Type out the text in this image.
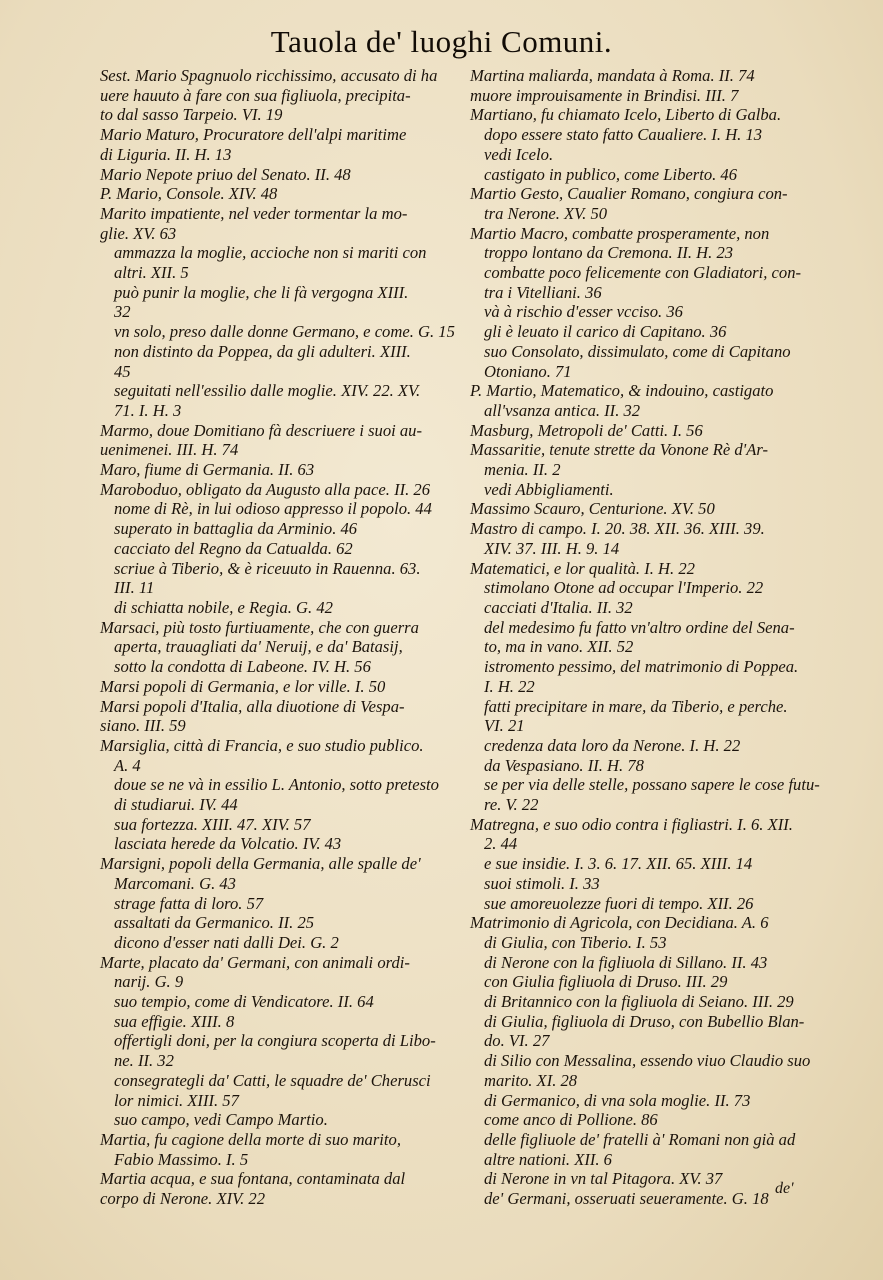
Tauola de' luoghi Comuni.
Sest. Mario Spagnuolo ricchissimo, accusato di ha
uere hauuto à fare con sua figliuola, precipita-
to dal sasso Tarpeio. VI. 19
Mario Maturo, Procuratore dell'alpi maritime
di Liguria. II. H. 13
Mario Nepote priuo del Senato. II. 48
P. Mario, Console. XIV. 48
Marito impatiente, nel veder tormentar la mo-
glie. XV. 63
ammazza la moglie, accioche non si mariti con
altri. XII. 5
può punir la moglie, che li fà vergogna XIII.
32
vn solo, preso dalle donne Germano, e come. G. 15
non distinto da Poppea, da gli adulteri. XIII.
45
seguitati nell'essilio dalle moglie. XIV. 22. XV.
71. I. H. 3
Marmo, doue Domitiano fà descriuere i suoi au-
uenimenei. III. H. 74
Maro, fiume di Germania. II. 63
Maroboduo, obligato da Augusto alla pace. II. 26
nome di Rè, in lui odioso appresso il popolo. 44
superato in battaglia da Arminio. 46
cacciato del Regno da Catualda. 62
scriue à Tiberio, & è riceuuto in Rauenna. 63.
III. 11
di schiatta nobile, e Regia. G. 42
Marsaci, più tosto furtiuamente, che con guerra
aperta, trauagliati da' Neruij, e da' Batasij,
sotto la condotta di Labeone. IV. H. 56
Marsi popoli di Germania, e lor ville. I. 50
Marsi popoli d'Italia, alla diuotione di Vespa-
siano. III. 59
Marsiglia, città di Francia, e suo studio publico.
A. 4
doue se ne và in essilio L. Antonio, sotto pretesto
di studiarui. IV. 44
sua fortezza. XIII. 47. XIV. 57
lasciata herede da Volcatio. IV. 43
Marsigni, popoli della Germania, alle spalle de'
Marcomani. G. 43
strage fatta di loro. 57
assaltati da Germanico. II. 25
dicono d'esser nati dalli Dei. G. 2
Marte, placato da' Germani, con animali ordi-
narij. G. 9
suo tempio, come di Vendicatore. II. 64
sua effigie. XIII. 8
offertigli doni, per la congiura scoperta di Libo-
ne. II. 32
consegrategli da' Catti, le squadre de' Cherusci
lor nimici. XIII. 57
suo campo, vedi Campo Martio.
Martia, fu cagione della morte di suo marito,
Fabio Massimo. I. 5
Martia acqua, e sua fontana, contaminata dal
corpo di Nerone. XIV. 22
Martina maliarda, mandata à Roma. II. 74
muore improuisamente in Brindisi. III. 7
Martiano, fu chiamato Icelo, Liberto di Galba.
dopo essere stato fatto Caualiere. I. H. 13
vedi Icelo.
castigato in publico, come Liberto. 46
Martio Gesto, Caualier Romano, congiura con-
tra Nerone. XV. 50
Martio Macro, combatte prosperamente, non
troppo lontano da Cremona. II. H. 23
combatte poco felicemente con Gladiatori, con-
tra i Vitelliani. 36
và à rischio d'esser vcciso. 36
gli è leuato il carico di Capitano. 36
suo Consolato, dissimulato, come di Capitano
Otoniano. 71
P. Martio, Matematico, & indouino, castigato
all'vsanza antica. II. 32
Masburg, Metropoli de' Catti. I. 56
Massaritie, tenute strette da Vonone Rè d'Ar-
menia. II. 2
vedi Abbigliamenti.
Massimo Scauro, Centurione. XV. 50
Mastro di campo. I. 20. 38. XII. 36. XIII. 39.
XIV. 37. III. H. 9. 14
Matematici, e lor qualità. I. H. 22
stimolano Otone ad occupar l'Imperio. 22
cacciati d'Italia. II. 32
del medesimo fu fatto vn'altro ordine del Sena-
to, ma in vano. XII. 52
istromento pessimo, del matrimonio di Poppea.
I. H. 22
fatti precipitare in mare, da Tiberio, e perche.
VI. 21
credenza data loro da Nerone. I. H. 22
da Vespasiano. II. H. 78
se per via delle stelle, possano sapere le cose futu-
re. V. 22
Matregna, e suo odio contra i figliastri. I. 6. XII.
2. 44
e sue insidie. I. 3. 6. 17. XII. 65. XIII. 14
suoi stimoli. I. 33
sue amoreuolezze fuori di tempo. XII. 26
Matrimonio di Agricola, con Decidiana. A. 6
di Giulia, con Tiberio. I. 53
di Nerone con la figliuola di Sillano. II. 43
con Giulia figliuola di Druso. III. 29
di Britannico con la figliuola di Seiano. III. 29
di Giulia, figliuola di Druso, con Bubellio Blan-
do. VI. 27
di Silio con Messalina, essendo viuo Claudio suo
marito. XI. 28
di Germanico, di vna sola moglie. II. 73
come anco di Pollione. 86
delle figliuole de' fratelli à' Romani non già ad
altre nationi. XII. 6
di Nerone in vn tal Pitagora. XV. 37
de' Germani, osseruati seueramente. G. 18
de'
